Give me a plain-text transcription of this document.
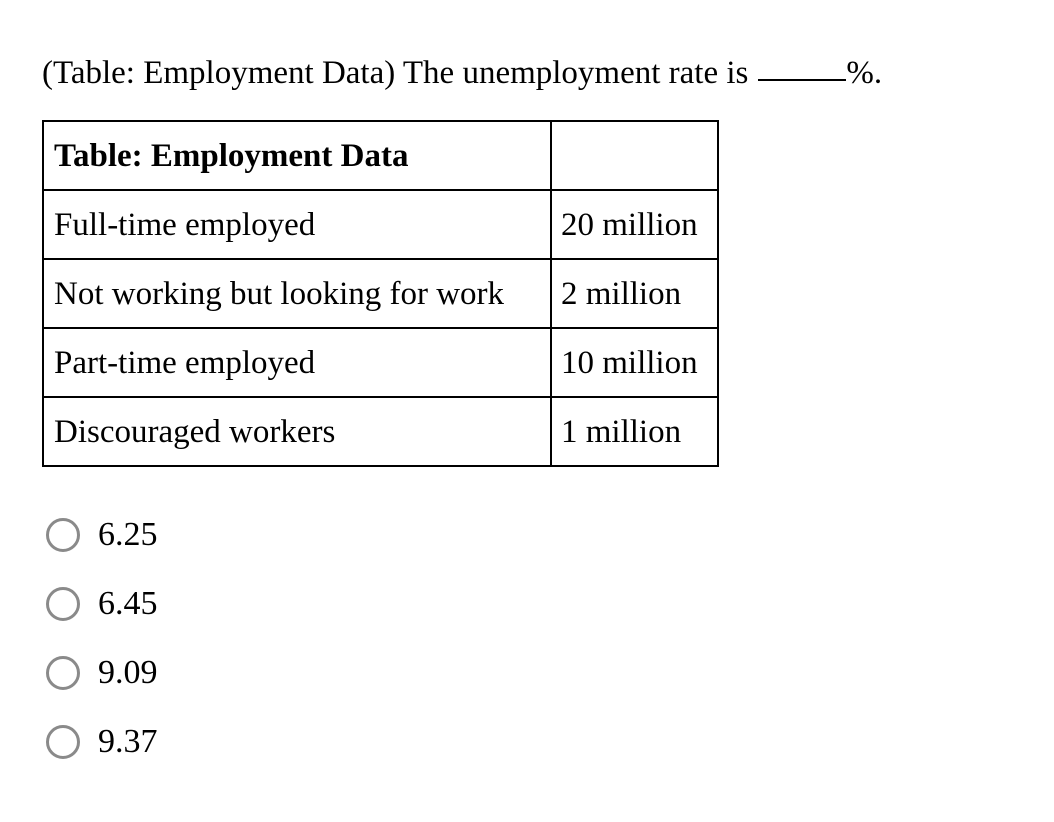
(Table: Employment Data) The unemployment rate is	%.
Table: Employment Data	
Full-time employed	20 million
Not working but looking for work	2 million
Part-time employed	10 million
Discouraged workers	1 million
6.25
6.45
9.09
9.37
